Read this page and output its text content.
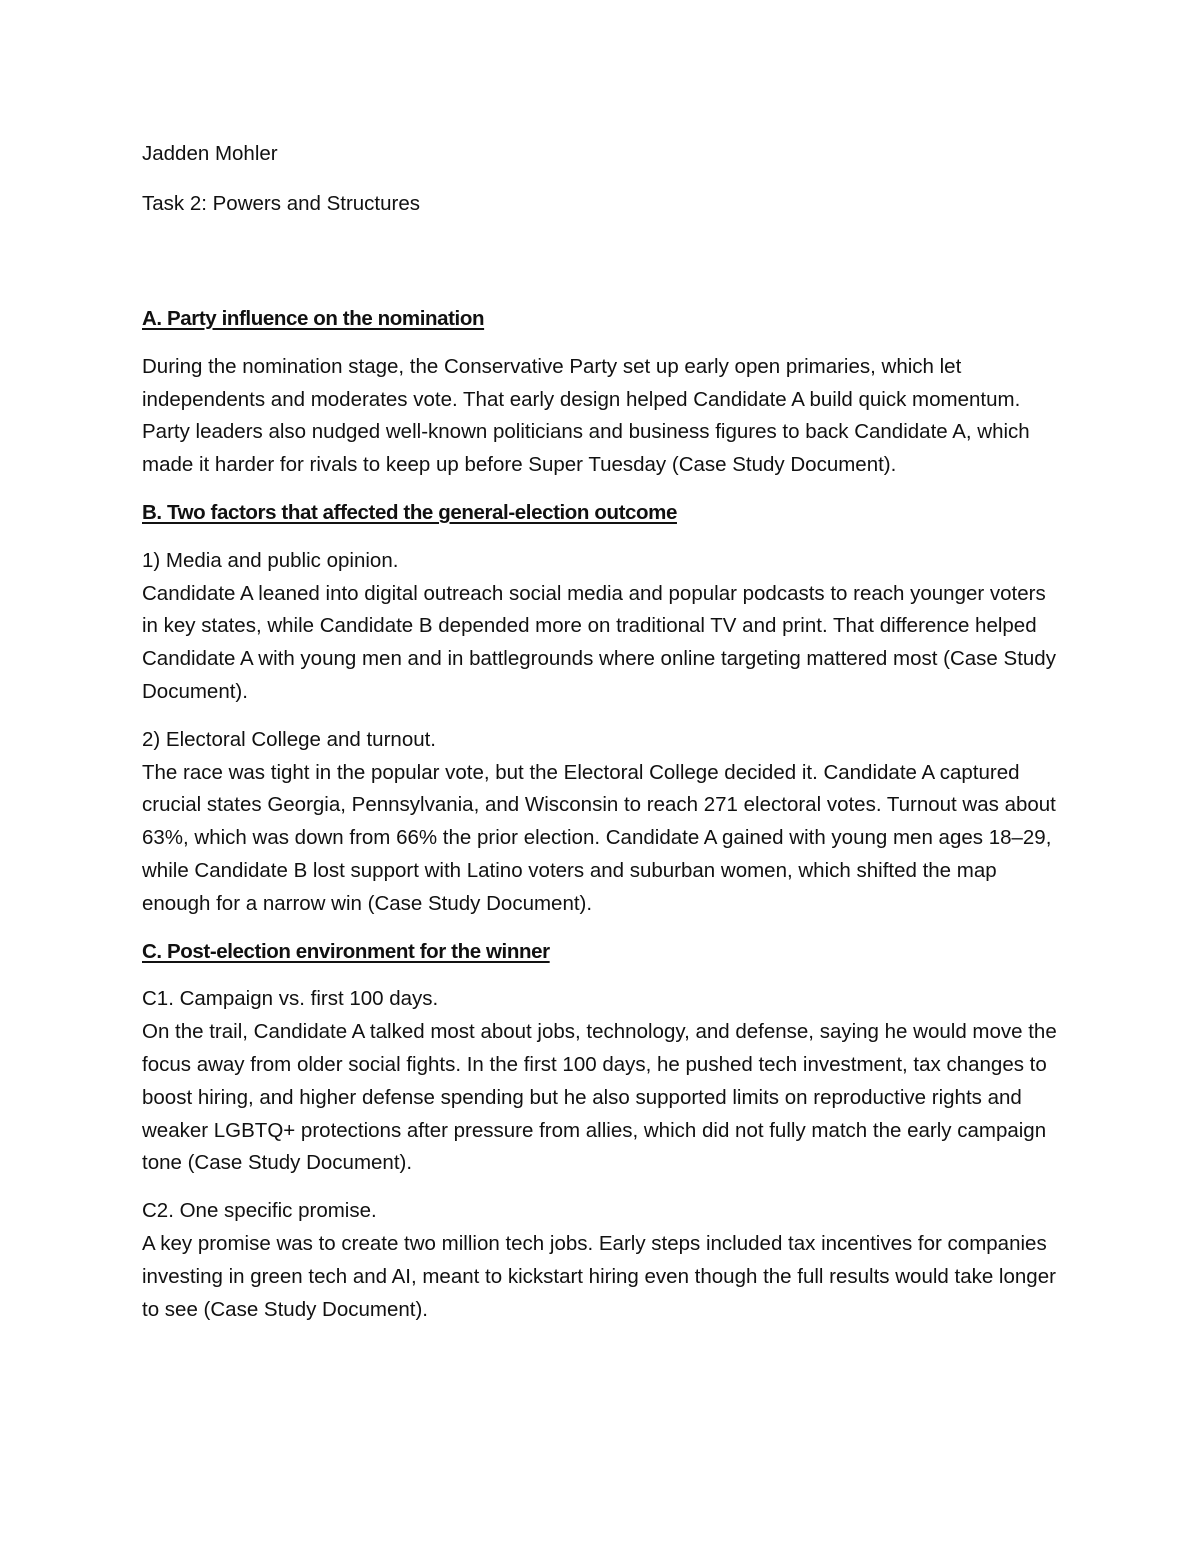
Jadden Mohler

Task 2: Powers and Structures

A. Party influence on the nomination

During the nomination stage, the Conservative Party set up early open primaries, which let independents and moderates vote. That early design helped Candidate A build quick momentum. Party leaders also nudged well-known politicians and business figures to back Candidate A, which made it harder for rivals to keep up before Super Tuesday (Case Study Document).

B. Two factors that affected the general-election outcome

1) Media and public opinion.
Candidate A leaned into digital outreach social media and popular podcasts to reach younger voters in key states, while Candidate B depended more on traditional TV and print. That difference helped Candidate A with young men and in battlegrounds where online targeting mattered most (Case Study Document).

2) Electoral College and turnout.
The race was tight in the popular vote, but the Electoral College decided it. Candidate A captured crucial states Georgia, Pennsylvania, and Wisconsin to reach 271 electoral votes. Turnout was about 63%, which was down from 66% the prior election. Candidate A gained with young men ages 18–29, while Candidate B lost support with Latino voters and suburban women, which shifted the map enough for a narrow win (Case Study Document).

C. Post-election environment for the winner

C1. Campaign vs. first 100 days.
On the trail, Candidate A talked most about jobs, technology, and defense, saying he would move the focus away from older social fights. In the first 100 days, he pushed tech investment, tax changes to boost hiring, and higher defense spending but he also supported limits on reproductive rights and weaker LGBTQ+ protections after pressure from allies, which did not fully match the early campaign tone (Case Study Document).

C2. One specific promise.
A key promise was to create two million tech jobs. Early steps included tax incentives for companies investing in green tech and AI, meant to kickstart hiring even though the full results would take longer to see (Case Study Document).
